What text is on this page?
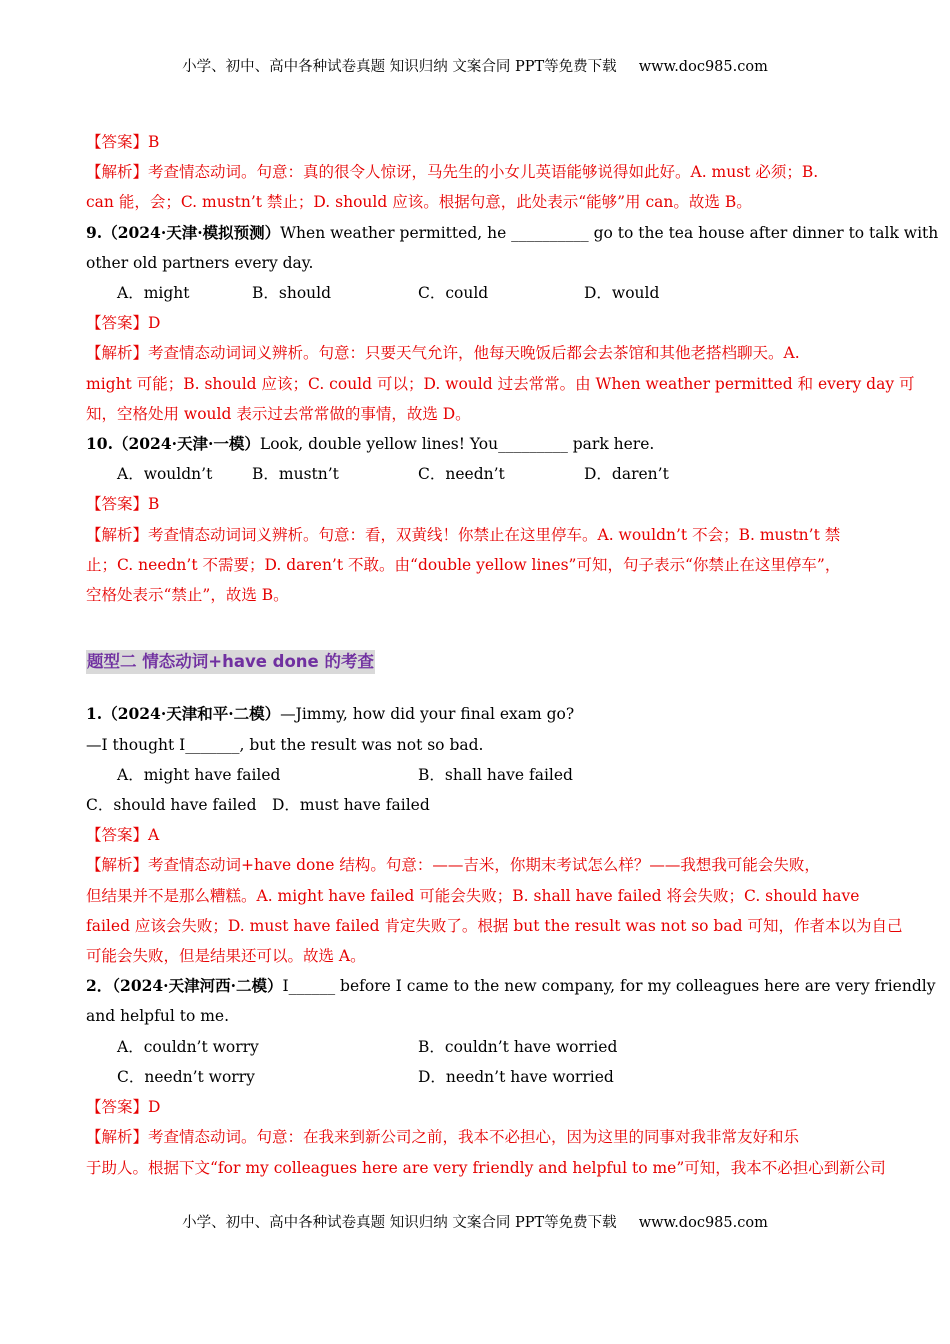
小学、初中、高中各种试卷真题 知识归纳 文案合同 PPT等免费下载 www.doc985.com
【答案】B
【解析】考查情态动词。句意：真的很令人惊讶，马先生的小女儿英语能够说得如此好。A. must 必须；B.
can 能，会；C. mustn’t 禁止；D. should 应该。根据句意，此处表示“能够”用 can。故选 B。
9.（2024·天津·模拟预测）When weather permitted, he __________ go to the tea house after dinner to talk with
other old partners every day.
A．might	B．should	C．could	D．would
【答案】D
【解析】考查情态动词词义辨析。句意：只要天气允许，他每天晚饭后都会去茶馆和其他老搭档聊天。A.
might 可能；B. should 应该；C. could 可以；D. would 过去常常。由 When weather permitted 和 every day 可
知，空格处用 would 表示过去常常做的事情，故选 D。
10.（2024·天津·一模）Look, double yellow lines! You_________ park here.
A．wouldn’t	B．mustn’t	C．needn’t	D．daren’t
【答案】B
【解析】考查情态动词词义辨析。句意：看，双黄线！你禁止在这里停车。A. wouldn’t 不会；B. mustn’t 禁
止；C. needn’t 不需要；D. daren’t 不敢。由“double yellow lines”可知，句子表示“你禁止在这里停车”，
空格处表示“禁止”，故选 B。
题型二 情态动词+have done 的考查
1.（2024·天津和平·二模）—Jimmy, how did your final exam go?
—I thought I_______, but the result was not so bad.
A．might have failed	B．shall have failed
C．should have failed　D．must have failed
【答案】A
【解析】考查情态动词+have done 结构。句意：——吉米，你期末考试怎么样？——我想我可能会失败，
但结果并不是那么糟糕。A. might have failed 可能会失败；B. shall have failed 将会失败；C. should have
failed 应该会失败；D. must have failed 肯定失败了。根据 but the result was not so bad 可知，作者本以为自己
可能会失败，但是结果还可以。故选 A。
2．（2024·天津河西·二模）I______ before I came to the new company, for my colleagues here are very friendly
and helpful to me.
A．couldn’t worry	B．couldn’t have worried
C．needn’t worry	D．needn’t have worried
【答案】D
【解析】考查情态动词。句意：在我来到新公司之前，我本不必担心，因为这里的同事对我非常友好和乐
于助人。根据下文“for my colleagues here are very friendly and helpful to me”可知，我本不必担心到新公司
小学、初中、高中各种试卷真题 知识归纳 文案合同 PPT等免费下载 www.doc985.com
